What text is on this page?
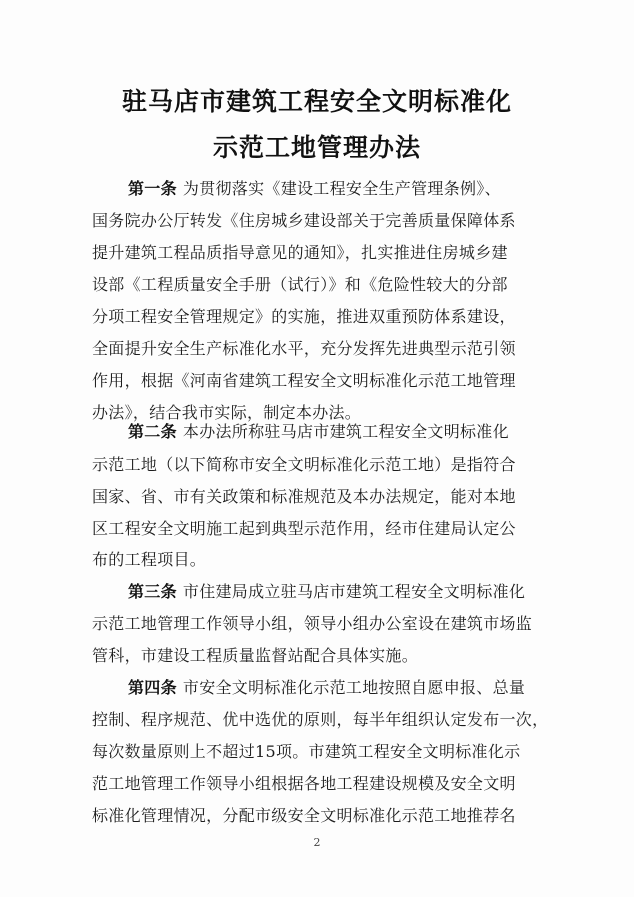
驻马店市建筑工程安全文明标准化
示范工地管理办法
第一条 为贯彻落实《建设工程安全生产管理条例》、
国务院办公厅转发《住房城乡建设部关于完善质量保障体系
提升建筑工程品质指导意见的通知》，扎实推进住房城乡建
设部《工程质量安全手册（试行）》和《危险性较大的分部
分项工程安全管理规定》的实施，推进双重预防体系建设，
全面提升安全生产标准化水平，充分发挥先进典型示范引领
作用，根据《河南省建筑工程安全文明标准化示范工地管理
办法》，结合我市实际，制定本办法。
第二条 本办法所称驻马店市建筑工程安全文明标准化
示范工地（以下简称市安全文明标准化示范工地）是指符合
国家、省、市有关政策和标准规范及本办法规定，能对本地
区工程安全文明施工起到典型示范作用，经市住建局认定公
布的工程项目。
第三条 市住建局成立驻马店市建筑工程安全文明标准化
示范工地管理工作领导小组，领导小组办公室设在建筑市场监
管科，市建设工程质量监督站配合具体实施。
第四条 市安全文明标准化示范工地按照自愿申报、总量
控制、程序规范、优中选优的原则，每半年组织认定发布一次，
每次数量原则上不超过15项。市建筑工程安全文明标准化示
范工地管理工作领导小组根据各地工程建设规模及安全文明
标准化管理情况，分配市级安全文明标准化示范工地推荐名
2
